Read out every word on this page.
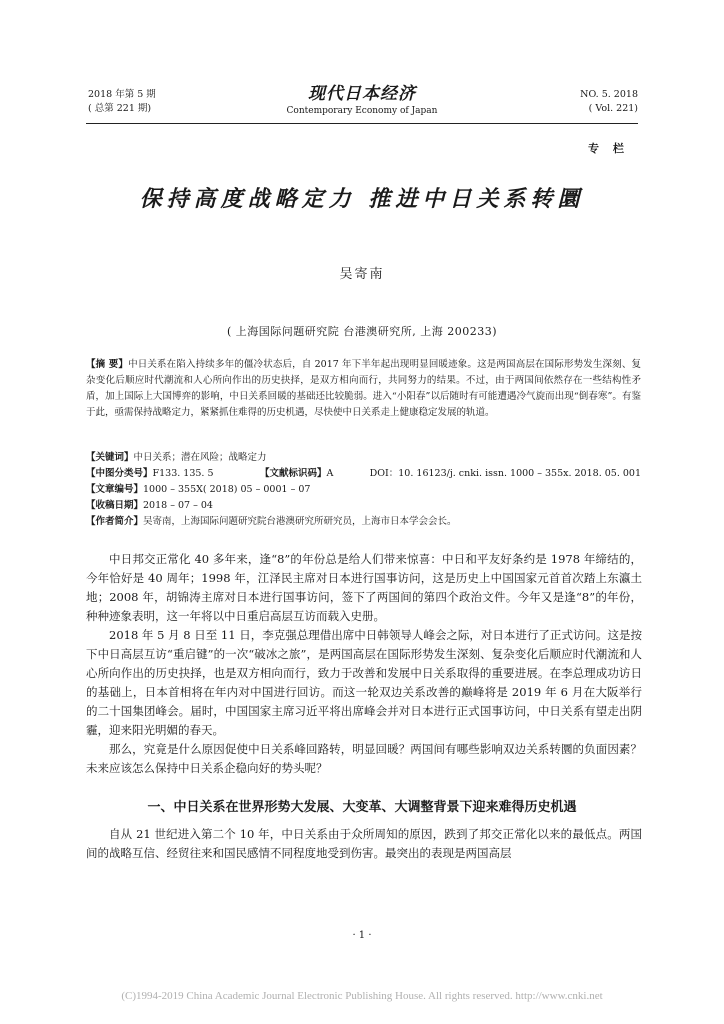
2018 年第 5 期
( 总第 221 期)
现代日本经济
Contemporary Economy of Japan
NO. 5. 2018
( Vol. 221)
专栏
保持高度战略定力 推进中日关系转圜
吴寄南
( 上海国际问题研究院 台港澳研究所, 上海 200233)
【摘 要】中日关系在陷入持续多年的僵冷状态后，自 2017 年下半年起出现明显回暖迹象。这是两国高层在国际形势发生深刻、复杂变化后顺应时代潮流和人心所向作出的历史抉择，是双方相向而行，共同努力的结果。不过，由于两国间依然存在一些结构性矛盾，加上国际上大国博弈的影响，中日关系回暖的基础还比较脆弱。进入“小阳春”以后随时有可能遭遇冷气旋而出现“倒春寒”。有鉴于此，亟需保持战略定力，紧紧抓住难得的历史机遇，尽快使中日关系走上健康稳定发展的轨道。
【关键词】中日关系；潜在风险；战略定力
【中图分类号】 F133. 135. 5	【文献标识码】 A	DOI：10. 16123/j. cnki. issn. 1000 – 355x. 2018. 05. 001
【文章编号】1000 – 355X( 2018) 05 – 0001 – 07
【收稿日期】2018 – 07 – 04
【作者简介】吴寄南，上海国际问题研究院台港澳研究所研究员，上海市日本学会会长。

中日邦交正常化 40 多年来，逢“8”的年份总是给人们带来惊喜：中日和平友好条约是 1978 年缔结的，今年恰好是 40 周年；1998 年，江泽民主席对日本进行国事访问，这是历史上中国国家元首首次踏上东瀛土地；2008 年，胡锦涛主席对日本进行国事访问，签下了两国间的第四个政治文件。今年又是逢“8”的年份，种种迹象表明，这一年将以中日重启高层互访而载入史册。

2018 年 5 月 8 日至 11 日，李克强总理借出席中日韩领导人峰会之际，对日本进行了正式访问。这是按下中日高层互访“重启键”的一次“破冰之旅”，是两国高层在国际形势发生深刻、复杂变化后顺应时代潮流和人心所向作出的历史抉择，也是双方相向而行，致力于改善和发展中日关系取得的重要进展。在李总理成功访日的基础上，日本首相将在年内对中国进行回访。而这一轮双边关系改善的巅峰将是 2019 年 6 月在大阪举行的二十国集团峰会。届时，中国国家主席习近平将出席峰会并对日本进行正式国事访问，中日关系有望走出阴霾，迎来阳光明媚的春天。

那么，究竟是什么原因促使中日关系峰回路转，明显回暖？两国间有哪些影响双边关系转圜的负面因素？未来应该怎么保持中日关系企稳向好的势头呢？

一、中日关系在世界形势大发展、大变革、大调整背景下迎来难得历史机遇

自从 21 世纪进入第二个 10 年，中日关系由于众所周知的原因，跌到了邦交正常化以来的最低点。两国间的战略互信、经贸往来和国民感情不同程度地受到伤害。最突出的表现是两国高层

· 1 ·
(C)1994-2019 China Academic Journal Electronic Publishing House. All rights reserved. http://www.cnki.net
